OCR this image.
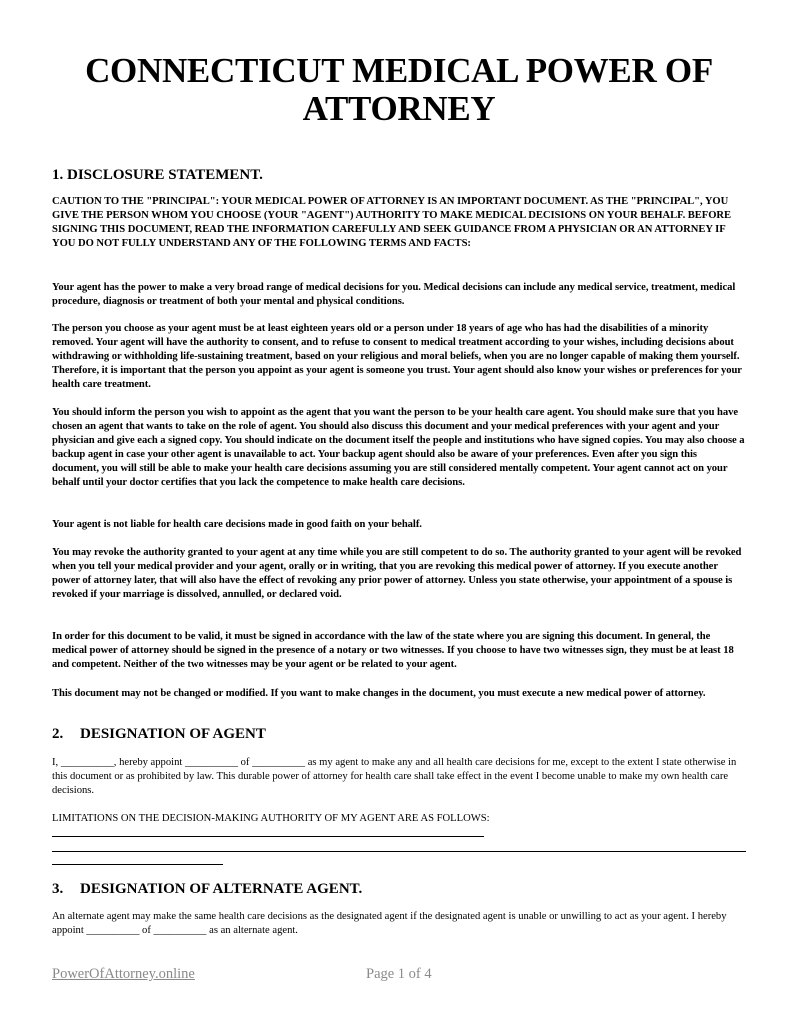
CONNECTICUT MEDICAL POWER OF ATTORNEY
1. DISCLOSURE STATEMENT.

CAUTION TO THE "PRINCIPAL": YOUR MEDICAL POWER OF ATTORNEY IS AN IMPORTANT DOCUMENT. AS THE "PRINCIPAL", YOU GIVE THE PERSON WHOM YOU CHOOSE (YOUR "AGENT") AUTHORITY TO MAKE MEDICAL DECISIONS ON YOUR BEHALF. BEFORE SIGNING THIS DOCUMENT, READ THE INFORMATION CAREFULLY AND SEEK GUIDANCE FROM A PHYSICIAN OR AN ATTORNEY IF YOU DO NOT FULLY UNDERSTAND ANY OF THE FOLLOWING TERMS AND FACTS:

Your agent has the power to make a very broad range of medical decisions for you. Medical decisions can include any medical service, treatment, medical procedure, diagnosis or treatment of both your mental and physical conditions.

The person you choose as your agent must be at least eighteen years old or a person under 18 years of age who has had the disabilities of a minority removed. Your agent will have the authority to consent, and to refuse to consent to medical treatment according to your wishes, including decisions about withdrawing or withholding life-sustaining treatment, based on your religious and moral beliefs, when you are no longer capable of making them yourself. Therefore, it is important that the person you appoint as your agent is someone you trust. Your agent should also know your wishes or preferences for your health care treatment.

You should inform the person you wish to appoint as the agent that you want the person to be your health care agent. You should make sure that you have chosen an agent that wants to take on the role of agent. You should also discuss this document and your medical preferences with your agent and your physician and give each a signed copy. You should indicate on the document itself the people and institutions who have signed copies. You may also choose a backup agent in case your other agent is unavailable to act. Your backup agent should also be aware of your preferences. Even after you sign this document, you will still be able to make your health care decisions assuming you are still considered mentally competent. Your agent cannot act on your behalf until your doctor certifies that you lack the competence to make health care decisions.

Your agent is not liable for health care decisions made in good faith on your behalf.

You may revoke the authority granted to your agent at any time while you are still competent to do so. The authority granted to your agent will be revoked when you tell your medical provider and your agent, orally or in writing, that you are revoking this medical power of attorney. If you execute another power of attorney later, that will also have the effect of revoking any prior power of attorney. Unless you state otherwise, your appointment of a spouse is revoked if your marriage is dissolved, annulled, or declared void.

In order for this document to be valid, it must be signed in accordance with the law of the state where you are signing this document. In general, the medical power of attorney should be signed in the presence of a notary or two witnesses. If you choose to have two witnesses sign, they must be at least 18 and competent. Neither of the two witnesses may be your agent or be related to your agent.

This document may not be changed or modified. If you want to make changes in the document, you must execute a new medical power of attorney.

2. DESIGNATION OF AGENT

I, __________, hereby appoint __________ of __________ as my agent to make any and all health care decisions for me, except to the extent I state otherwise in this document or as prohibited by law. This durable power of attorney for health care shall take effect in the event I become unable to make my own health care decisions.

LIMITATIONS ON THE DECISION-MAKING AUTHORITY OF MY AGENT ARE AS FOLLOWS:

3. DESIGNATION OF ALTERNATE AGENT.

An alternate agent may make the same health care decisions as the designated agent if the designated agent is unable or unwilling to act as your agent. I hereby appoint __________ of __________ as an alternate agent.

PowerOfAttorney.online	Page 1 of 4
